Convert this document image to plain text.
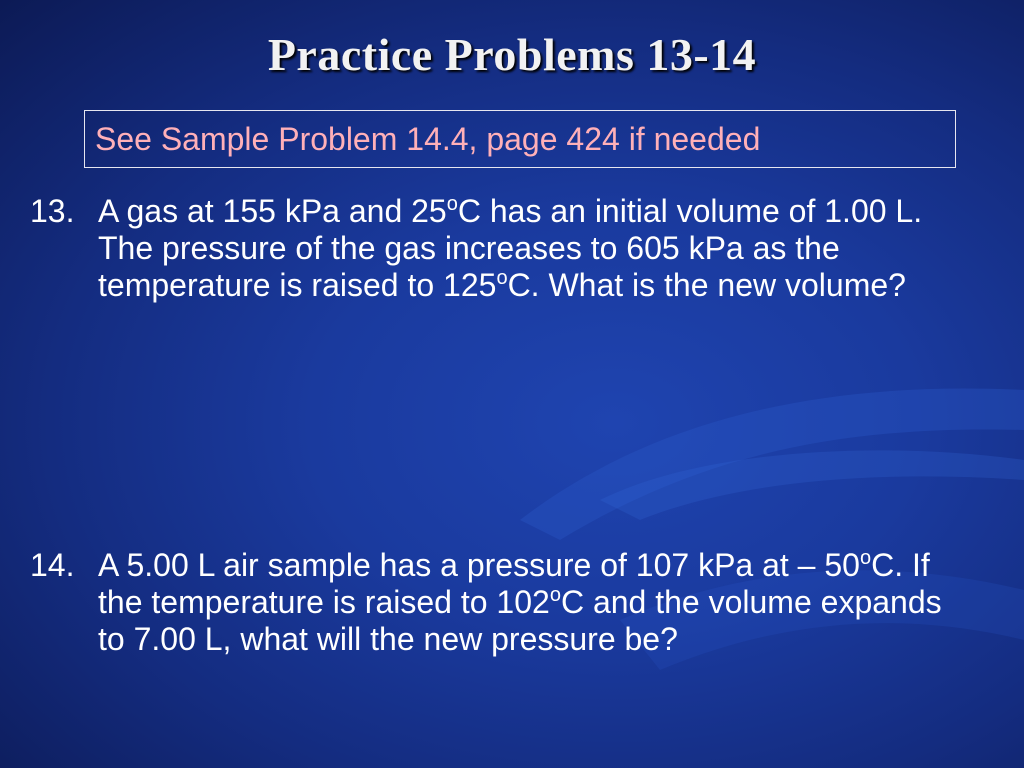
Practice Problems 13-14
See Sample Problem 14.4, page 424 if needed
13. A gas at 155 kPa and 25$^o$C has an initial volume of 1.00 L. The pressure of the gas increases to 605 kPa as the temperature is raised to 125$^o$C. What is the new volume?
14. A 5.00 L air sample has a pressure of 107 kPa at – 50$^o$C. If the temperature is raised to 102$^o$C and the volume expands to 7.00 L, what will the new pressure be?
